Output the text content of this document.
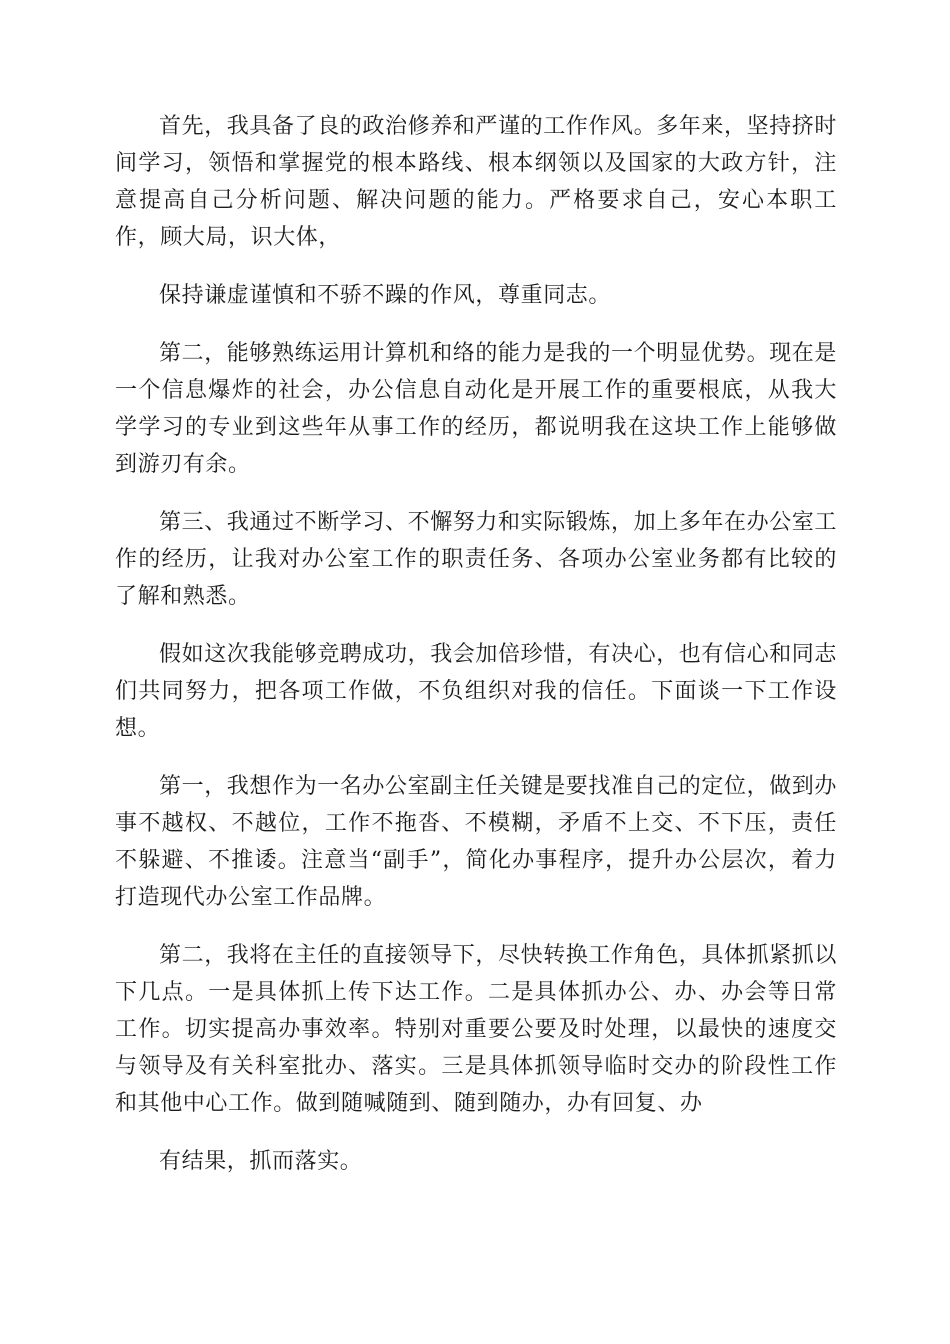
首先，我具备了良的政治修养和严谨的工作作风。多年来，坚持挤时间学习，领悟和掌握党的根本路线、根本纲领以及国家的大政方针，注意提高自己分析问题、解决问题的能力。严格要求自己，安心本职工作，顾大局，识大体，

保持谦虚谨慎和不骄不躁的作风，尊重同志。

第二，能够熟练运用计算机和络的能力是我的一个明显优势。现在是一个信息爆炸的社会，办公信息自动化是开展工作的重要根底，从我大学学习的专业到这些年从事工作的经历，都说明我在这块工作上能够做到游刃有余。

第三、我通过不断学习、不懈努力和实际锻炼，加上多年在办公室工作的经历，让我对办公室工作的职责任务、各项办公室业务都有比较的了解和熟悉。

假如这次我能够竞聘成功，我会加倍珍惜，有决心，也有信心和同志们共同努力，把各项工作做，不负组织对我的信任。下面谈一下工作设想。

第一，我想作为一名办公室副主任关键是要找准自己的定位，做到办事不越权、不越位，工作不拖沓、不模糊，矛盾不上交、不下压，责任不躲避、不推诿。注意当“副手”，简化办事程序，提升办公层次，着力打造现代办公室工作品牌。

第二，我将在主任的直接领导下，尽快转换工作角色，具体抓紧抓以下几点。一是具体抓上传下达工作。二是具体抓办公、办、办会等日常工作。切实提高办事效率。特别对重要公要及时处理，以最快的速度交与领导及有关科室批办、落实。三是具体抓领导临时交办的阶段性工作和其他中心工作。做到随喊随到、随到随办，办有回复、办

有结果，抓而落实。
